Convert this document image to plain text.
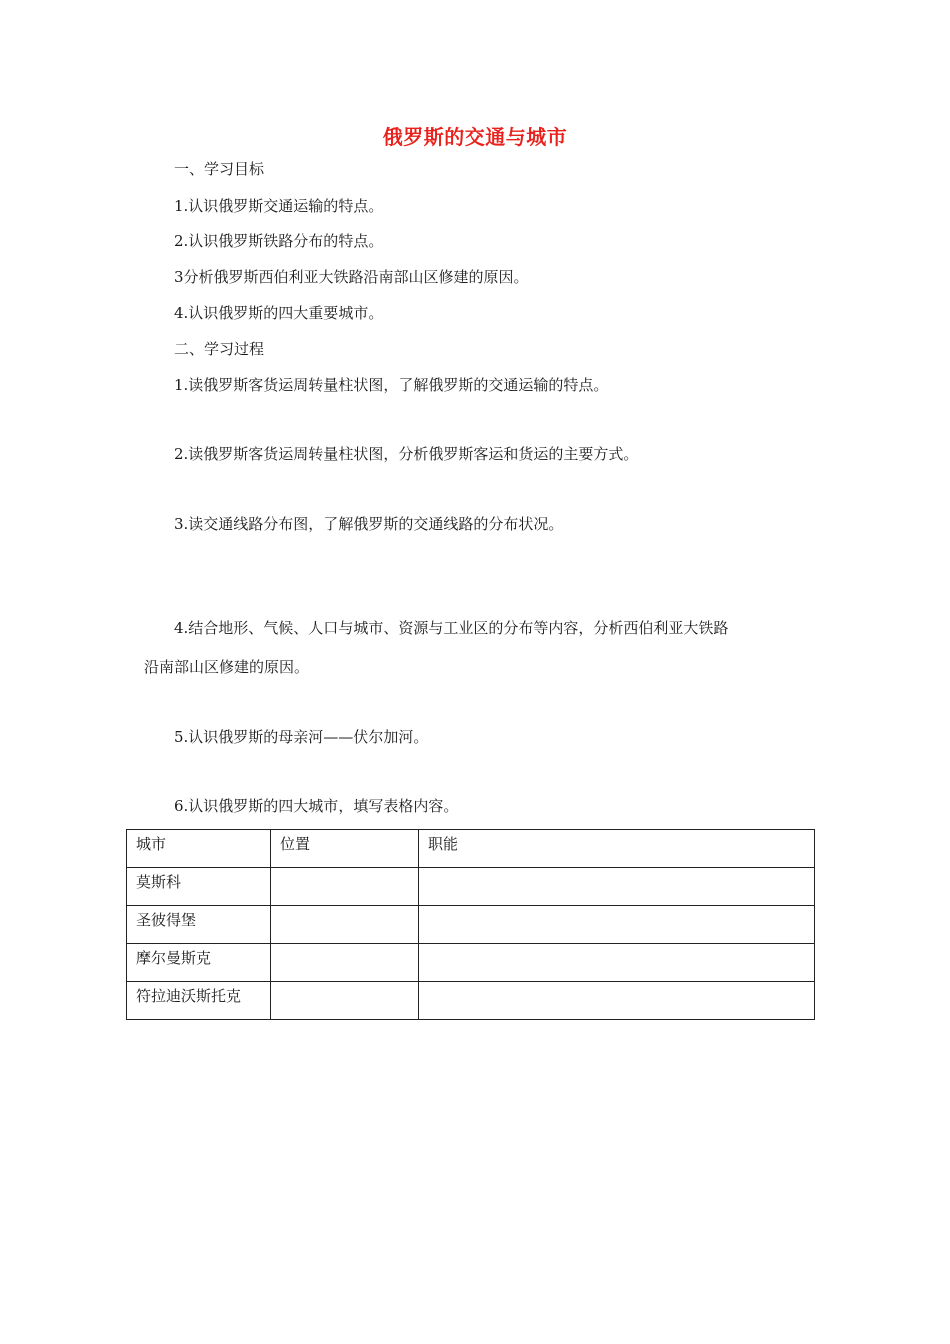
俄罗斯的交通与城市
一、学习目标
1.认识俄罗斯交通运输的特点。
2.认识俄罗斯铁路分布的特点。
3分析俄罗斯西伯利亚大铁路沿南部山区修建的原因。
4.认识俄罗斯的四大重要城市。
二、学习过程
1.读俄罗斯客货运周转量柱状图，了解俄罗斯的交通运输的特点。
2.读俄罗斯客货运周转量柱状图，分析俄罗斯客运和货运的主要方式。
3.读交通线路分布图，了解俄罗斯的交通线路的分布状况。
4.结合地形、气候、人口与城市、资源与工业区的分布等内容，分析西伯利亚大铁路
沿南部山区修建的原因。
5.认识俄罗斯的母亲河——伏尔加河。
6.认识俄罗斯的四大城市，填写表格内容。
城市	位置	职能
莫斯科		
圣彼得堡		
摩尔曼斯克		
符拉迪沃斯托克		
